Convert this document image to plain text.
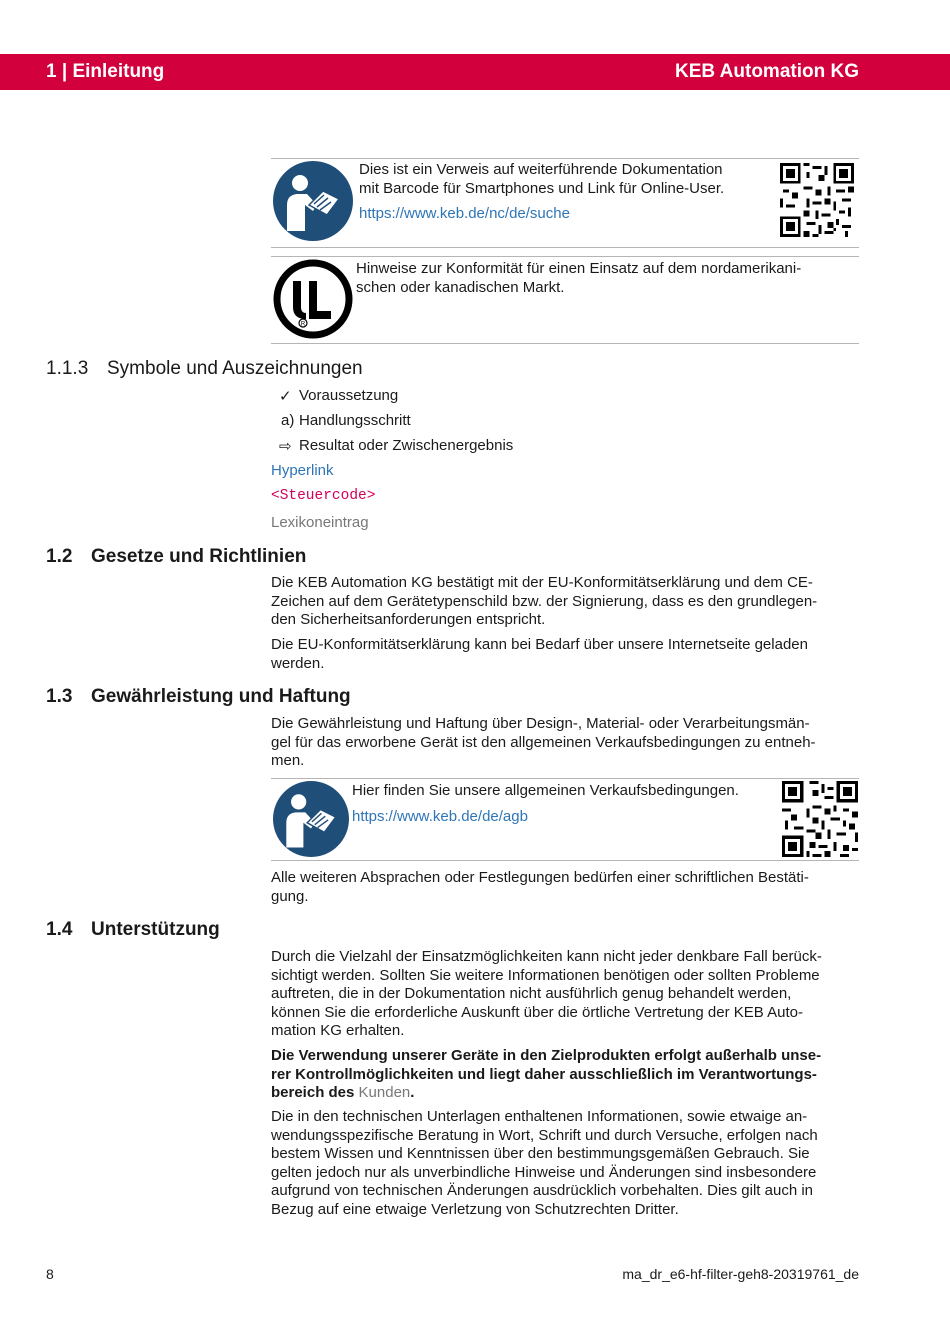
1 | Einleitung	KEB Automation KG
Dies ist ein Verweis auf weiterführende Dokumentation
mit Barcode für Smartphones und Link für Online-User.
https://www.keb.de/nc/de/suche
R
Hinweise zur Konformität für einen Einsatz auf dem nordamerikani-
schen oder kanadischen Markt.
1.1.3 Symbole und Auszeichnungen
✓ Voraussetzung
a) Handlungsschritt
⇨ Resultat oder Zwischenergebnis
Hyperlink
<Steuercode>
Lexikoneintrag
1.2 Gesetze und Richtlinien
Die KEB Automation KG bestätigt mit der EU-Konformitätserklärung und dem CE-
Zeichen auf dem Gerätetypenschild bzw. der Signierung, dass es den grundlegen-
den Sicherheitsanforderungen entspricht.
Die EU-Konformitätserklärung kann bei Bedarf über unsere Internetseite geladen
werden.
1.3 Gewährleistung und Haftung
Die Gewährleistung und Haftung über Design-, Material- oder Verarbeitungsmän-
gel für das erworbene Gerät ist den allgemeinen Verkaufsbedingungen zu entneh-
men.
Hier finden Sie unsere allgemeinen Verkaufsbedingungen.
https://www.keb.de/de/agb
Alle weiteren Absprachen oder Festlegungen bedürfen einer schriftlichen Bestäti-
gung.
1.4 Unterstützung
Durch die Vielzahl der Einsatzmöglichkeiten kann nicht jeder denkbare Fall berück-
sichtigt werden. Sollten Sie weitere Informationen benötigen oder sollten Probleme
auftreten, die in der Dokumentation nicht ausführlich genug behandelt werden,
können Sie die erforderliche Auskunft über die örtliche Vertretung der KEB Auto-
mation KG erhalten.
Die Verwendung unserer Geräte in den Zielprodukten erfolgt außerhalb unse-
rer Kontrollmöglichkeiten und liegt daher ausschließlich im Verantwortungs-
bereich des Kunden.
Die in den technischen Unterlagen enthaltenen Informationen, sowie etwaige an-
wendungsspezifische Beratung in Wort, Schrift und durch Versuche, erfolgen nach
bestem Wissen und Kenntnissen über den bestimmungsgemäßen Gebrauch. Sie
gelten jedoch nur als unverbindliche Hinweise und Änderungen sind insbesondere
aufgrund von technischen Änderungen ausdrücklich vorbehalten. Dies gilt auch in
Bezug auf eine etwaige Verletzung von Schutzrechten Dritter.
8	ma_dr_e6-hf-filter-geh8-20319761_de
